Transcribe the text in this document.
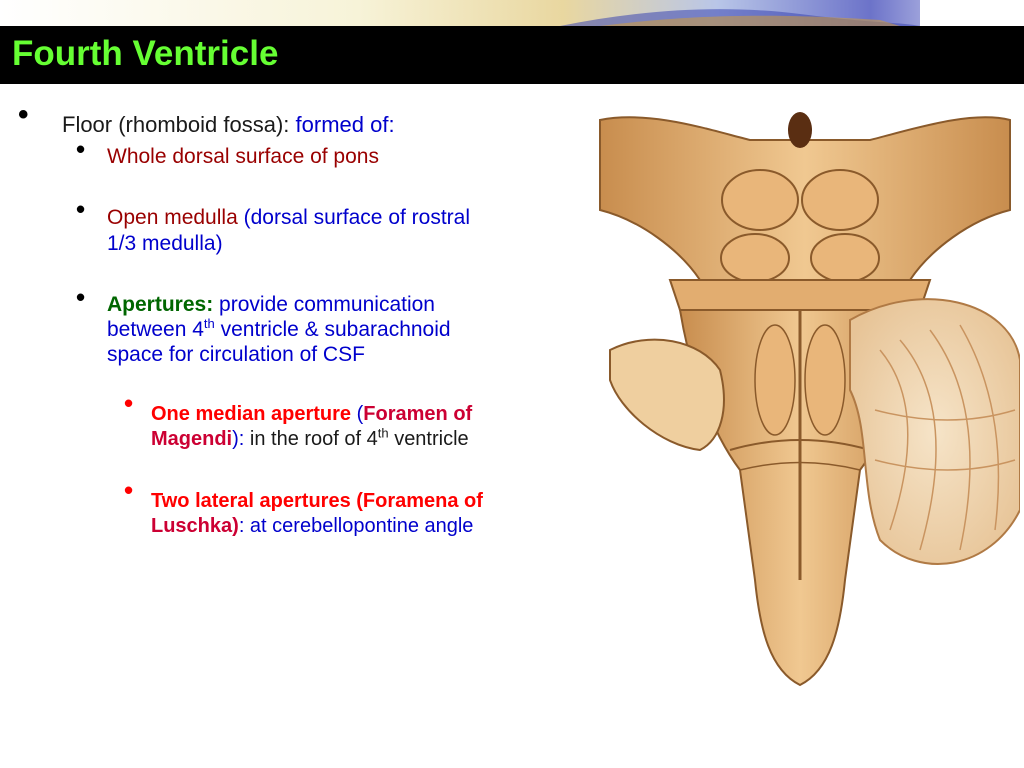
Fourth Ventricle
• Floor (rhomboid fossa): formed of:
• Whole dorsal surface of pons
• Open medulla (dorsal surface of rostral
1/3 medulla)
• Apertures: provide communication
between 4th ventricle & subarachnoid
space for circulation of CSF
• One median aperture (Foramen of
Magendi): in the roof of 4th ventricle
• Two lateral apertures (Foramena of
Luschka): at cerebellopontine angle
